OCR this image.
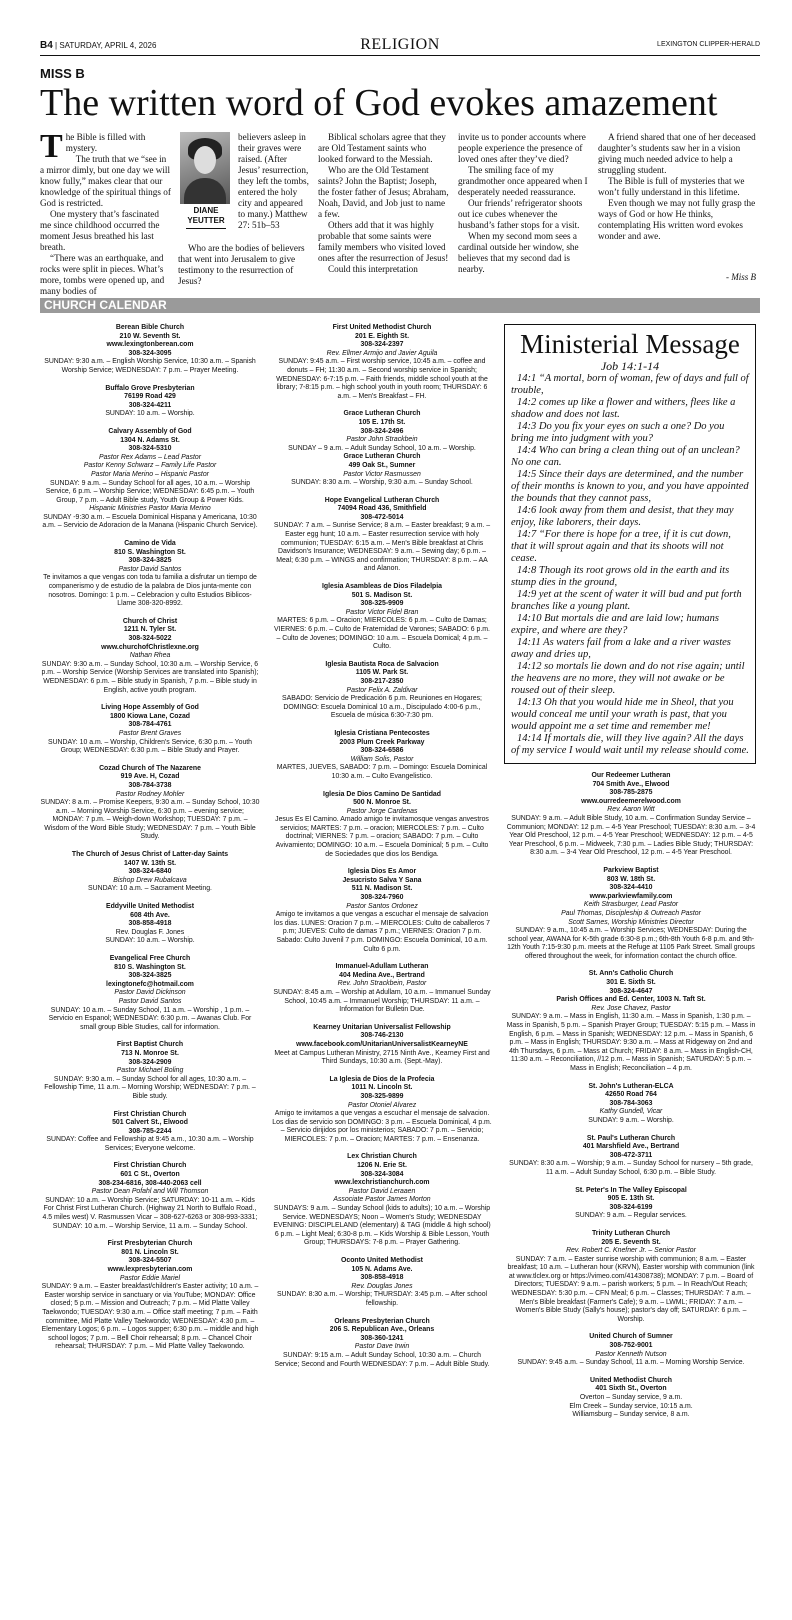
B4 | SATURDAY, APRIL 4, 2026	RELIGION	LEXINGTON CLIPPER-HERALD
MISS B
The written word of God evokes amazement
T he Bible is filled with mystery.

The truth that we “see in a mirror dimly, but one day we will know fully,” makes clear that our knowledge of the spiritual things of God is restricted.

One mystery that’s fascinated me since childhood occurred the moment Jesus breathed his last breath.

“There was an earthquake, and rocks were split in pieces. What’s more, tombs were opened up, and many bodies of

DIANE
YEUTTER

believers asleep in their graves were raised. (After Jesus’ resurrection, they left the tombs, entered the holy city and appeared to many.) Matthew 27: 51b–53

Who are the bodies of believers that went into Jerusalem to give testimony to the resurrection of Jesus?

Biblical scholars agree that they are Old Testament saints who looked forward to the Messiah.

Who are the Old Testament saints? John the Baptist; Joseph, the foster father of Jesus; Abraham, Noah, David, and Job just to name a few.

Others add that it was highly probable that some saints were family members who visited loved ones after the resurrection of Jesus!

Could this interpretation

invite us to ponder accounts where people experience the presence of loved ones after they’ve died?

The smiling face of my grandmother once appeared when I desperately needed reassurance.

Our friends’ refrigerator shoots out ice cubes whenever the husband’s father stops for a visit.

When my second mom sees a cardinal outside her window, she believes that my second dad is nearby.

A friend shared that one of her deceased daughter’s students saw her in a vision giving much needed advice to help a struggling student.

The Bible is full of mysteries that we won’t fully understand in this lifetime.

Even though we may not fully grasp the ways of God or how He thinks, contemplating His written word evokes wonder and awe.

- Miss B
CHURCH CALENDAR
Berean Bible Church
210 W. Seventh St.
www.lexingtonberean.com
308-324-3095
SUNDAY: 9:30 a.m. – English Worship Service, 10:30 a.m. – Spanish Worship Service; WEDNESDAY: 7 p.m. – Prayer Meeting.
Buffalo Grove Presbyterian
76199 Road 429
308-324-4211
SUNDAY: 10 a.m. – Worship.
Calvary Assembly of God
1304 N. Adams St.
308-324-5310
Pastor Rex Adams – Lead Pastor
Pastor Kenny Schwarz – Family Life Pastor
Pastor Maria Merino – Hispanic Pastor
SUNDAY: 9 a.m. – Sunday School for all ages, 10 a.m. – Worship Service, 6 p.m. – Worship Service; WEDNESDAY: 6:45 p.m. – Youth Group, 7 p.m. – Adult Bible study, Youth Group & Power Kids.
Hispanic Ministries Pastor Maria Merino
SUNDAY -9:30 a.m. – Escuela Dominical Hispana y Americana, 10:30 a.m. – Servicio de Adoracion de la Manana (Hispanic Church Service).
Camino de Vida
810 S. Washington St.
308-324-3825
Pastor David Santos
Te invitamos a que vengas con toda tu familia a disfrutar un tiempo de companerismo y de estudio de la palabra de Dios junta-mente con nosotros. Domingo: 1 p.m. – Celebracion y culto Estudios Biblicos-Llame 308-320-8992.
Church of Christ
1211 N. Tyler St.
308-324-5022
www.churchofChristlexne.org
Nathan Rhea
SUNDAY: 9:30 a.m. – Sunday School, 10:30 a.m. – Worship Service, 6 p.m. – Worship Service (Worship Services are translated into Spanish); WEDNESDAY: 6 p.m. – Bible study in Spanish, 7 p.m. – Bible study in English, active youth program.
Living Hope Assembly of God
1800 Kiowa Lane, Cozad
308-784-4761
Pastor Brent Graves
SUNDAY: 10 a.m. – Worship, Children's Service, 6:30 p.m. – Youth Group; WEDNESDAY: 6:30 p.m. – Bible Study and Prayer.
Cozad Church of The Nazarene
919 Ave. H, Cozad
308-784-3738
Pastor Rodney Mohler
SUNDAY: 8 a.m. – Promise Keepers, 9:30 a.m. – Sunday School, 10:30 a.m. – Morning Worship Service, 6:30 p.m. – evening service; MONDAY: 7 p.m. – Weigh-down Workshop; TUESDAY: 7 p.m. – Wisdom of the Word Bible Study; WEDNESDAY: 7 p.m. – Youth Bible Study.
The Church of Jesus Christ of Latter-day Saints
1407 W. 13th St.
308-324-6840
Bishop Drew Rubalcava
SUNDAY: 10 a.m. – Sacrament Meeting.
Eddyville United Methodist
608 4th Ave.
308-858-4918
Rev. Douglas F. Jones
SUNDAY: 10 a.m. – Worship.
Evangelical Free Church
810 S. Washington St.
308-324-3825
lexingtonefc@hotmail.com
Pastor David Dickinson
Pastor David Santos
SUNDAY: 10 a.m. – Sunday School, 11 a.m. – Worship , 1 p.m. – Servicio en Espanol; WEDNESDAY: 6:30 p.m. – Awanas Club. For small group Bible Studies, call for information.
First Baptist Church
713 N. Monroe St.
308-324-2909
Pastor Michael Boling
SUNDAY: 9:30 a.m. – Sunday School for all ages, 10:30 a.m. – Fellowship Time, 11 a.m. – Morning Worship; WEDNESDAY: 7 p.m. – Bible study.
First Christian Church
501 Calvert St., Elwood
308-785-2244
SUNDAY: Coffee and Fellowship at 9:45 a.m., 10:30 a.m. – Worship Services; Everyone welcome.
First Christian Church
601 C St., Overton
308-234-6816, 308-440-2063 cell
Pastor Dean Pofahl and Will Thomson
SUNDAY: 10 a.m. – Worship Service; SATURDAY: 10-11 a.m. – Kids For Christ First Lutheran Church. (Highway 21 North to Buffalo Road., 4.5 miles west) V. Rasmussen Vicar – 308-627-6263 or 308-993-3331; SUNDAY: 10 a.m. – Worship Service, 11 a.m. – Sunday School.
First Presbyterian Church
801 N. Lincoln St.
308-324-5507
www.lexpresbyterian.com
Pastor Eddie Mariel
SUNDAY: 9 a.m. – Easter breakfast/children's Easter activity; 10 a.m. – Easter worship service in sanctuary or via YouTube; MONDAY: Office closed; 5 p.m. – Mission and Outreach; 7 p.m. – Mid Platte Valley Taekwondo; TUESDAY: 9:30 a.m. – Office staff meeting; 7 p.m. – Faith committee, Mid Platte Valley Taekwondo; WEDNESDAY: 4:30 p.m. – Elementary Logos; 6 p.m. – Logos supper; 6:30 p.m. – middle and high school logos; 7 p.m. – Bell Choir rehearsal; 8 p.m. – Chancel Choir rehearsal; THURSDAY: 7 p.m. – Mid Platte Valley Taekwondo.
First United Methodist Church
201 E. Eighth St.
308-324-2397
Rev. Ellmer Armijo and Javier Aguila
SUNDAY: 9:45 a.m. – First worship service, 10:45 a.m. – coffee and donuts – FH; 11:30 a.m. – Second worship service in Spanish; WEDNESDAY: 6-7:15 p.m. – Faith friends, middle school youth at the library; 7-8:15 p.m. – high school youth in youth room; THURSDAY: 6 a.m. – Men's Breakfast – FH.
Grace Lutheran Church
105 E. 17th St.
308-324-2496
Pastor John Strackbein
SUNDAY – 9 a.m. – Adult Sunday School, 10 a.m. – Worship.
Grace Lutheran Church
499 Oak St., Sumner
Pastor Victor Rasmussen
SUNDAY: 8:30 a.m. – Worship, 9:30 a.m. – Sunday School.
Hope Evangelical Lutheran Church
74094 Road 436, Smithfield
308-472-5014
SUNDAY: 7 a.m. – Sunrise Service; 8 a.m. – Easter breakfast; 9 a.m. – Easter egg hunt; 10 a.m. – Easter resurrection service with holy communion; TUESDAY: 6:15 a.m. – Men's Bible breakfast at Chris Davidson's Insurance; WEDNESDAY: 9 a.m. – Sewing day; 6 p.m. – Meal; 6:30 p.m. – WINGS and confirmation; THURSDAY: 8 p.m. – AA and Alanon.
Iglesia Asambleas de Dios Filadelpia
501 S. Madison St.
308-325-9909
Pastor Victor Fidel Bran
MARTES: 6 p.m. – Oracion; MIERCOLES: 6 p.m. – Culto de Damas; VIERNES: 6 p.m. – Culto de Fraternidad de Varones; SABADO: 6 p.m. – Culto de Jovenes; DOMINGO: 10 a.m. – Escuela Domical; 4 p.m. – Culto.
Iglesia Bautista Roca de Salvacion
1105 W. Park St.
308-217-2350
Pastor Felix A. Zaldivar
SABADO: Servicio de Predicación 6 p.m. Reuniones en Hogares; DOMINGO: Escuela Dominical 10 a.m., Discipulado 4:00-6 p.m., Escuela de música 6:30-7:30 pm.
Iglesia Cristiana Pentecostes
2003 Plum Creek Parkway
308-324-6586
William Solis, Pastor
MARTES, JUEVES, SABADO: 7 p.m. – Domingo: Escuela Dominical 10:30 a.m. – Culto Evangelistico.
Iglesia De Dios Camino De Santidad
500 N. Monroe St.
Pastor Jorge Cardenas
Jesus Es El Camino. Amado amigo te invitamosque vengas anvestros servicios; MARTES: 7 p.m. – oracion; MIERCOLES: 7 p.m. – Culto doctrinal; VIERNES: 7 p.m. – oracion; SABADO: 7 p.m. – Culto Avivamiento; DOMINGO: 10 a.m. – Escuela Dominical; 5 p.m. – Culto de Sociedades que dios los Bendiga.
Iglesia Dios Es Amor
Jesucristo Salva Y Sana
511 N. Madison St.
308-324-7960
Pastor Santos Ordonez
Amigo te invitamos a que vengas a escuchar el mensaje de salvacion los dias. LUNES: Oracion 7 p.m. – MIERCOLES: Culto de caballeros 7 p.m; JUEVES: Culto de damas 7 p.m.; VIERNES: Oracion 7 p.m. Sabado: Culto Juvenil 7 p.m. DOMINGO: Escuela Dominical, 10 a.m. Culto 6 p.m.
Immanuel-Adullam Lutheran
404 Medina Ave., Bertrand
Rev. John Strackbein, Pastor
SUNDAY: 8:45 a.m. – Worship at Adullam, 10 a.m. – Immanuel Sunday School, 10:45 a.m. – Immanuel Worship; THURSDAY: 11 a.m. – Information for Bulletin Due.
Kearney Unitarian Universalist Fellowship
308-746-2130
www.facebook.com/UnitarianUniversalistKearneyNE
Meet at Campus Lutheran Ministry, 2715 Ninth Ave., Kearney First and Third Sundays, 10:30 a.m. (Sept.-May).
La Iglesia de Dios de la Profecia
1011 N. Lincoln St.
308-325-9899
Pastor Otoniel Alvarez
Amigo te invitamos a que vengas a escuchar el mensaje de salvacion. Los dias de servicio son DOMINGO: 3 p.m. – Escuela Dominical, 4 p.m. – Servicio dirijidos por los ministerios; SABADO: 7 p.m. – Servicio; MIERCOLES: 7 p.m. – Oracion; MARTES: 7 p.m. – Ensenanza.
Lex Christian Church
1206 N. Erie St.
308-324-3084
www.lexchristianchurch.com
Pastor David Leraaen
Associate Pastor James Morton
SUNDAYS: 9 a.m. – Sunday School (kids to adults); 10 a.m. – Worship Service. WEDNESDAYS; Noon – Women's Study; WEDNESDAY EVENING: DISCIPLELAND (elementary) & TAG (middle & high school) 6 p.m. – Light Meal; 6:30-8 p.m. – Kids Worship & Bible Lesson, Youth Group; THURSDAYS: 7-8 p.m. – Prayer Gathering.
Oconto United Methodist
105 N. Adams Ave.
308-858-4918
Rev. Douglas Jones
SUNDAY: 8:30 a.m. – Worship; THURSDAY: 3:45 p.m. – After school fellowship.
Orleans Presbyterian Church
206 S. Republican Ave., Orleans
308-360-1241
Pastor Dave Irwin
SUNDAY: 9:15 a.m. – Adult Sunday School, 10:30 a.m. – Church Service; Second and Fourth WEDNESDAY: 7 p.m. – Adult Bible Study.
Ministerial Message
Job 14:1-14

14:1 “A mortal, born of woman, few of days and full of trouble,

14:2 comes up like a flower and withers, flees like a shadow and does not last.

14:3 Do you fix your eyes on such a one? Do you bring me into judgment with you?

14:4 Who can bring a clean thing out of an unclean? No one can.

14:5 Since their days are determined, and the number of their months is known to you, and you have appointed the bounds that they cannot pass,

14:6 look away from them and desist, that they may enjoy, like laborers, their days.

14:7 “For there is hope for a tree, if it is cut down, that it will sprout again and that its shoots will not cease.

14:8 Though its root grows old in the earth and its stump dies in the ground,

14:9 yet at the scent of water it will bud and put forth branches like a young plant.

14:10 But mortals die and are laid low; humans expire, and where are they?

14:11 As waters fail from a lake and a river wastes away and dries up,

14:12 so mortals lie down and do not rise again; until the heavens are no more, they will not awake or be roused out of their sleep.

14:13 Oh that you would hide me in Sheol, that you would conceal me until your wrath is past, that you would appoint me a set time and remember me!

14:14 If mortals die, will they live again? All the days of my service I would wait until my release should come.

Our Redeemer Lutheran
704 Smith Ave., Elwood
308-785-2875
www.ourredeemerelwood.com
Rev. Aaron Witt
SUNDAY: 9 a.m. – Adult Bible Study, 10 a.m. – Confirmation Sunday Service – Communion; MONDAY: 12 p.m. – 4-5 Year Preschool; TUESDAY: 8:30 a.m. – 3-4 Year Old Preschool, 12 p.m. – 4-5 Year Preschool; WEDNESDAY: 12 p.m. – 4-5 Year Preschool, 6 p.m. – Midweek, 7:30 p.m. – Ladies Bible Study; THURSDAY: 8:30 a.m. – 3-4 Year Old Preschool, 12 p.m. – 4-5 Year Preschool.
Parkview Baptist
803 W. 18th St.
308-324-4410
www.parkviewfamily.com
Keith Strasburger, Lead Pastor
Paul Thomas, Discipleship & Outreach Pastor
Scott Sarnes, Worship Ministries Director
SUNDAY: 9 a.m., 10:45 a.m. – Worship Services; WEDNESDAY: During the school year, AWANA for K-5th grade 6:30-8 p.m.; 6th-8th Youth 6-8 p.m. and 9th-12th Youth 7:15-9:30 p.m. meets at the Refuge at 1105 Park Street. Small groups offered throughout the week, for information contact the church office.
St. Ann's Catholic Church
301 E. Sixth St.
308-324-4647
Parish Offices and Ed. Center, 1003 N. Taft St.
Rev. Jose Chavez, Pastor
SUNDAY: 9 a.m. – Mass in English, 11:30 a.m. – Mass in Spanish, 1:30 p.m. – Mass in Spanish, 5 p.m. – Spanish Prayer Group; TUESDAY: 5:15 p.m. – Mass in English, 6 p.m. – Mass in Spanish; WEDNESDAY: 12 p.m. – Mass in Spanish, 6 p.m. – Mass in English; THURSDAY: 9:30 a.m. – Mass at Ridgeway on 2nd and 4th Thursdays, 6 p.m. – Mass at Church; FRIDAY: 8 a.m. – Mass in English-CH, 11:30 a.m. – Reconciliation, //12 p.m. – Mass in Spanish; SATURDAY: 5 p.m. – Mass in English; Reconciliation – 4 p.m.
St. John's Lutheran-ELCA
42650 Road 764
308-784-3063
Kathy Gundell, Vicar
SUNDAY: 9 a.m. – Worship.
St. Paul's Lutheran Church
401 Marshfield Ave., Bertrand
308-472-3711
SUNDAY: 8:30 a.m. – Worship; 9 a.m. – Sunday School for nursery – 5th grade, 11 a.m. – Adult Sunday School, 6:30 p.m. – Bible Study.
St. Peter's In The Valley Episcopal
905 E. 13th St.
308-324-6199
SUNDAY: 9 a.m. – Regular services.
Trinity Lutheran Church
205 E. Seventh St.
Rev. Robert C. Knefner Jr. – Senior Pastor
SUNDAY: 7 a.m. – Easter sunrise worship with communion; 8 a.m. – Easter breakfast; 10 a.m. – Lutheran hour (KRVN), Easter worship with communion (link at www.tlclex.org or https://vimeo.com/414308738); MONDAY: 7 p.m. – Board of Directors; TUESDAY: 9 a.m. – parish workers; 5 p.m. – In Reach/Out Reach; WEDNESDAY: 5:30 p.m. – CFN Meal; 6 p.m. – Classes; THURSDAY: 7 a.m. – Men's Bible breakfast (Farmer's Cafe); 9 a.m. – LWML; FRIDAY: 7 a.m. – Women's Bible Study (Sally's house); pastor's day off; SATURDAY: 6 p.m. – Worship.
United Church of Sumner
308-752-9001
Pastor Kenneth Nutson
SUNDAY: 9:45 a.m. – Sunday School, 11 a.m. – Morning Worship Service.
United Methodist Church
401 Sixth St., Overton
Overton – Sunday service, 9 a.m.
Elm Creek – Sunday service, 10:15 a.m.
Williamsburg – Sunday service, 8 a.m.
